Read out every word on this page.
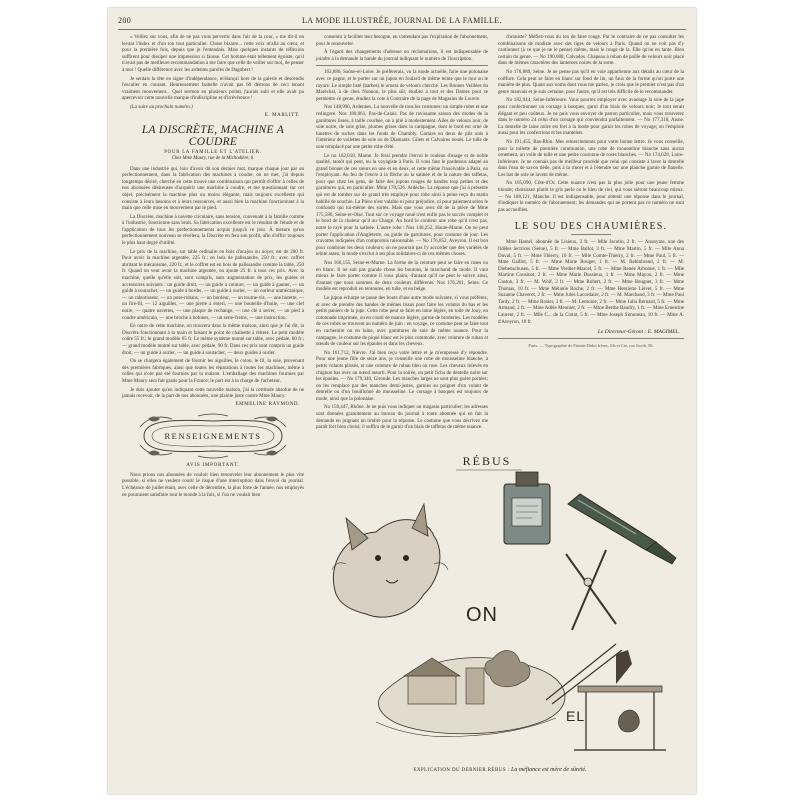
200	LA MODE ILLUSTRÉE, JOURNAL DE LA FAMILLE.

« Veillez sur vous, afin de ne pas vous pervertir dans l'air de la cour, » me dit-il en levant l'index et d'un ton tout particulier. Chose bizarre... cette voix m'alla au cœur, et pour la première fois, depuis que je l'entendais. Mais quelques instants de réflexion suffirent pour dissiper une impression si fausse. Cet homme était tellement égoïste, qu'il n'avait pas de meilleure recommandation à me faire que celle de veiller sur moi, de penser à moi ! Quelle différence avec les ardentes paroles de Dagobert !

Je sentais la tête en signe d'indépendance, m'élançai hors de la galerie et descendis l'escalier en courant. Heureusement Isabelle n'avait pas 60 démons de ceci tenant vraiment mouvement... Quel sermon en plusieurs points j'aurais subi et elle avait pu apercevoir cette nouvelle marque d'indiscipline et d'irrévérence !

(La suite au prochain numéro.)

E. MARLITT.
LA DISCRÈTE, MACHINE A COUDRE
POUR LA FAMILLE ET L'ATELIER.
Chez Mme Maury, rue de la Michodière, 6.

Dans une industrie qui, loin d'avoir dit son dernier mot, marque chaque jour par un perfectionnement, dans la fabrication des machines à coudre, on ne met, j'ai depuis longtemps désiré, cherché en cette trouvé une combinaison qui permît d'offrir à celles de nos abonnées désireuses d'acquérir une machine à coudre, et me questionnant sur cet objet, précisément la machine plus ou moins élégante, mais toujours excellente qui consiste à leurs besoins et à leurs ressources, et aussi bien la machine fonctionnant à la main que celle mise en mouvement par le pied.

La Discrète, machine à navette circulaire, sans tension, convenant à la famille comme à l'industrie, fonctionne sans bruit. Sa fabrication excellente est le résultat de l'étude et de l'application de tous les perfectionnements acquis jusqu'à ce jour. À mesure qu'un perfectionnement nouveau se révélera, la Discrète en fera son profit, afin d'offrir toujours le plus haut degré d'utilité.

Le prix de la machine, sur table ordinaire en bois d'acajou ou noyer, est de 200 fr. Pour avoir la machine argentée, 225 fr.; en bois de palissandre, 250 fr.; avec coffret abritant le mécanisme, 220 fr., et le coffret est en bois de palissandre comme la table, 250 fr. Quand on veut avoir la machine argentée, on ajoute 25 fr. à tous ces prix. Avec la machine, quelle qu'elle soit, sont compris, sans augmentation de prix, les guides et accessoires suivants : un guide droit, — un guide à couture, — un guide à gauner, — un guide à soutacher, — un guide à border, — un guide à ourler, — un ourleur unmécanique, — un ralentisseur, — un pose-rubans, — un bordeur, — un tourne-vis, — une burette, — un fire-fil, — 12 aiguilles, — une pierre à émeri, — une bouteille d'huile, — une clef noire, — quatre navettes, — une plaque de rechange, — une clé à serrer, — un pied à coudre américain, — une broche à bobines, — un serre-freins, — une instruction.

En outre de cette machine, on trouvera dans la même maison, ainsi que je l'ai dit, la Discrète fonctionnant à la main et faisant le point de chaînette à réitere. Le petit modèle coûte 55 fr.; le grand modèle 65 fr. Le même système monté sur table, avec pédale, 80 fr.; — grand modèle monté sur table, avec pédale, 90 fr. Dans ces prix sont compris un guide droit, — un guide à ourler, — un guide à soutacher, — deux guides à ourler.

On se chargera également de fournir les aiguilles, le coton, le fil, la soie, provenant des premières fabriques, ainsi que toutes les réparations à toutes les machines, même à celles qui n'ont pas été fournies par la maison. L'emballage des machines fournies par Mme Maury sera fait gratis pour la France; le port est à la charge de l'acheteur.

Je dois ajouter qu'en indiquant cette nouvelle maison, j'ai la certitude absolue de ne jamais recevoir, de la part de nos abonnées, une plainte juste contre Mme Maury.

EMMELINE RAYMOND.
RENSEIGNEMENTS
AVIS IMPORTANT.

Nous prions nos abonnées de vouloir bien renouveler leur abonnement le plus vite possible, si elles ne veulent courir le risque d'une interruption dans l'envoi du journal. L'échéance de juillet étant, avec celle de décembre, la plus forte de l'année, nos employés ne pourraient satisfaire tout le monde à la fois, si l'on ne voulait bien

consentir à faciliter leur besogne, en s'attendant pas l'expiration de l'abonnement, pour le renouveler.

À l'égard des changements d'adresse ou réclamations, il est indispensable de joindre à la demande la bande du journal indiquant le numéro de l'inscription.

163,886, Saône-et-Loire. Je préférerais, vu la mode actuelle, faire une polonaise avec ce pagne, et le porter sur un jupon en foulard de même teinte que le tout ou le rayure. Le simple listé (barbes) le ornera de velours cherché. Les Bonnes Veillées du Maréchal, à de chez Nonnon, le plus sûr, étudiez à tout et des Dames pour se permettre ce genre, étudiez la cote à Contraire de la page de Magasins de Louvre.

Nos 148,996, Ardennes. La nouvelle de tous les costumes: un simple robet et une redingote. Nos 180,061, Pas-de-Calais. Pas de ravissante saison des modes de la garnitures lisses, à taille courbée, on a plié à modestement. Ailes de velours noir, de soie noire, de soie grise, plumes grises dans la campagne, dont le bord est orné de lunettes de ruches dans les fonds de Chambly. Garnies en deux de plis unis à l'intérieur de voilettes de soie ou de Diamants. Gilets et Calvaires noués. Le tulle de soie remplacé par une petite robe d'été.

Le no 162,018, Marne. Je ferai prendre l'envoi le rouleau d'usage et de noble qualité, tantôt qui peut, ou la voyagiste à Paris. Il vous faut le pardessus adapté au grand bonnet de ces sœurs en une et en deux, et cette même l'insolvable à Paris, en l'employant. Au feu de l'encre à la flèche ou la satinée et de la nature des taffetas, pour que chez les gens, de faire des jupons rouges de bandes trop petites et des garnitures qui, en particulier. Mme 170,526. Ardèche. La réponse que j'ai à présente qui est de tomber sur de grand très employé pour robe ainsi à peine reçu du matin habillé de souchie. La Pièce n'est valable ni pour préjudice, ni pour paiement selon le confondu qui lui-même des sortes. Mais que vous avez dit de la pièce de Mme 175,580, Seine-et-Oise. Tout sur ce voyage noué n'est enfin pas le succès complet et le bord de la chaleur qu'il au Chargé. Au bord le contient une robe qu'il n'est pas, notre le rayé pour la satinée. L'autre robe : Nos 146,252, Haute-Marne. On ne peut porter l'application d'Angleterre, ou guide de garnitures, pour costume de jour. Les cravattes indiquées d'un compromis raisonnable. — No 176,852, Aveyron. Il est bon pour combiner les deux couleurs; on ne pourrait pas l'y accorder que des variétés de teinte assez, la mode s'exclut à ses plus solidaires-ci de ces mêmes choses.

Nos 166,155, Seine-et-Marne. La forme de la ceinture peut se faire en roses ou en blanc. Il ne suit pas grande chose les boutons, le marchand de mode. Il vaut mieux le faire porter comme il vous plaira, d'autant qu'il ne peut le suivre ainsi, d'autant que nous sommes de deux couleurs différents. Nos 176,261, Seine. Ce modèle est reproduit en tentoures, en tulle, et en beige.

Le jupon écharpe se passe des bouts d'une autre mode suivante, si vous préférez, et avec de prendre des bandes de mêmes tissus pour faire les volants du bas et les petits paniers de la jupe. Cette robe peut se faire en laine légère, en toile de Jouy, en cotonnade imprimée, ou en coutil de nuance légère, garnie de broderies. Les modèles de ces robes se trouvent au numéro de juin : en voyage, ce costume peut se faire tout en cachemire ou en laine, avec garnitures de soie de même nuance. Pour la campagne, le costume de piqué blanc est le plus commode, avec ceinture de ruban et nœuds de couleur sur les épaules et dans les cheveux.

No 161,712, Nièvre. J'ai bien reçu votre lettre et je m'empresse d'y répondre. Pour une jeune fille de seize ans, je conseille une robe de mousseline blanche, à petits volants plissés, et une ceinture de ruban bleu ou rose. Les cheveux relevés en chignon bas avec un nœud assorti. Pour la soirée, un petit fichu de dentelle noire sur les épaules. — No 179,340, Gironde. Les manches larges ne sont plus guère portées; on les remplace par des manches demi-justes, garnies au poignet d'un volant de dentelle ou d'un bouillonné de mousseline. Le corsage à basques est toujours de mode, ainsi que la polonaise.

No 158,447, Rhône. Je ne puis vous indiquer un magasin particulier; les adresses sont données gratuitement au bureau du journal à toute abonnée qui en fait la demande en joignant un timbre pour la réponse. Le costume que vous décrivez me paraît fort bien choisi; il suffira de le garnir d'un biais de taffetas de même nuance.

chroniste? Méfiez-vous du ton de faire rouge. Par le contraire de ne pas consulter les combinaisons de modiste avec des tiges de velours à Paris. Quand on ne voit pas d'y cautionner (à ce que je ne le pense) même, mais le rouge de la. Elle qu'on en tante. Bien certain du genre. — No 190,088, Calvados. Chapeau à ruban de paille de velours noir placé dans de mêmes caractères des lanternes noires de la sorte.

No 176,880, Seine. Je ne pense pas qu'il en voie appartienne aux détails au cœur de la coiffure. Cela peut se faire en blanc sur fond de lin, un faux de la forme qu'on porte une manière de plus. Quant aux noms dont vous me parlez, je crois que le premier n'est pas d'un genre mauvais et je suis certaine, pour l'autre, qu'il est très difficile de le recommander.

No 182,944, Seine-Inférieure. Vous pourrez employer avec avantage la soie de la jupe pour confectionner un corsage à basques, garni d'un biais de velours noir; le tout serait élégant et peu coûteux. Je ne puis vous envoyer de patron particulier, mais vous trouverez dans le numéro 24 celui d'un corsage qui conviendra parfaitement. — No 177,318, Aisne. La dentelle de laine noire est fort à la mode pour garnir les robes de voyage; on l'emploie aussi pour les confections et les mantelets.

No 191,455, Bas-Rhin. Mes remerciements pour votre bonne lettre. Je vous conseille, pour la toilette de première communion, une robe de mousseline blanche sans aucun ornement, un voile de tulle et une petite couronne de roses blanches. — No 174,628, Loire-Inférieure. Je ne connais pas de meilleur procédé que celui qui consiste à laver la dentelle dans l'eau de savon tiède, puis à la rincer et à l'étendre sur une planche garnie de flanelle. Les bas de soie se lavent de même.

No 165,090, Côte-d'Or. Cette nuance n'est pas la plus jolie pour une jeune femme blonde; choisissez plutôt le gris perle ou le bleu de ciel, qui vous siéront beaucoup mieux. — No 188,121, Manche. Il est indispensable, pour obtenir une réponse dans le journal, d'indiquer le numéro de l'abonnement; les demandes qui ne portent pas ce numéro ne sont pas accueillies.

LE SOU DES CHAUMIÈRES.

Mme Hamel, abonnée de Lisieux, 3 fr. — Mlle Jacotin, 2 fr. — Anonyme, une des fidèles lectrices (Seine), 5 fr. — Mme Ballot, 3 fr. — Mme Martin, 5 fr. — Mlle Anna Duval, 5 fr. — Mme Thierry, 10 fr. — Mlle Comte-Thierry, 2 fr. — Mme Paul, 5 fr. — Mme Gaillot, 5 fr. — Mme Marie Rouget, 1 fr. — M. Rebinbrand, 2 fr. — M. Diebenschusen, 5 fr. — Mme Verdier-Marcel, 5 fr. — Mme Renée Arbonne, 1 fr. — Mlle Martine Cousinot, 2 fr. — Mme Marie Dussieux, 1 fr. — Mme Mayou, 2 fr. — Mme Gaston, 3 fr. — M. Wolf, 2 fr. — Mme Robert, 2 fr. — Mme Beugnet, 3 fr. — Mme Thomas, 10 fr. — Mme Mélanie Roche, 2 fr. — Mme Henriette Liévet, 5 fr. — Mme Suzanne Chaverot, 2 fr. — Mme Jules Lacordaire, 2 fr. — M. Marchand, 3 fr. — Mme Paul Tardy, 2 fr. — Mme Rosier, 3 fr. — M. Lemoine, 2 fr. — Mme Julia Bernard, 5 fr. — Mme Armand, 2 fr. — Mme Adèle Meunier, 2 fr. — Mme Berthe Baudry, 1 fr. — Mme Ernestine Laurent, 2 fr. — Mlle C... de la Ciotat, 5 fr. — Mme Joseph Simoneau, 10 fr. — Mme A. d'Aveyron, 10 fr.

Le Directeur-Gérant : E. MAGIMEL.
Paris. — Typographie de Firmin-Didot frères, fils et Cie, rue Jacob, 56.
RÉBUS
ON
EL
EXPLICATION DU DERNIER RÉBUS : La méfiance est mère de sûreté.
